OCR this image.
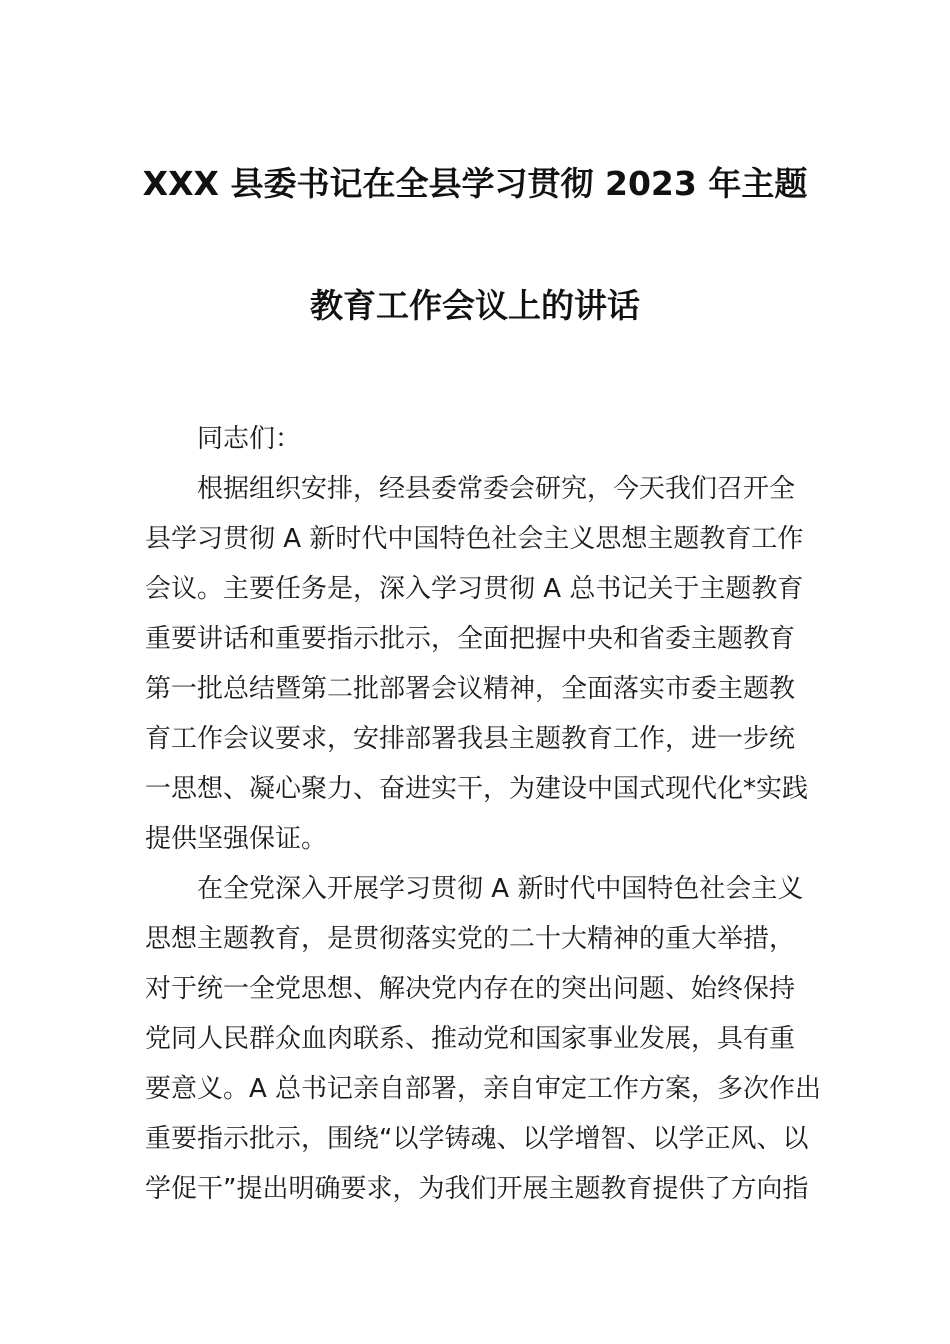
XXX 县委书记在全县学习贯彻 2023 年主题
教育工作会议上的讲话
同志们：
根据组织安排，经县委常委会研究，今天我们召开全
县学习贯彻 A 新时代中国特色社会主义思想主题教育工作
会议。主要任务是，深入学习贯彻 A 总书记关于主题教育
重要讲话和重要指示批示，全面把握中央和省委主题教育
第一批总结暨第二批部署会议精神，全面落实市委主题教
育工作会议要求，安排部署我县主题教育工作，进一步统
一思想、凝心聚力、奋进实干，为建设中国式现代化*实践
提供坚强保证。
在全党深入开展学习贯彻 A 新时代中国特色社会主义
思想主题教育，是贯彻落实党的二十大精神的重大举措，
对于统一全党思想、解决党内存在的突出问题、始终保持
党同人民群众血肉联系、推动党和国家事业发展，具有重
要意义。A 总书记亲自部署，亲自审定工作方案，多次作出
重要指示批示，围绕“以学铸魂、以学增智、以学正风、以
学促干”提出明确要求，为我们开展主题教育提供了方向指
